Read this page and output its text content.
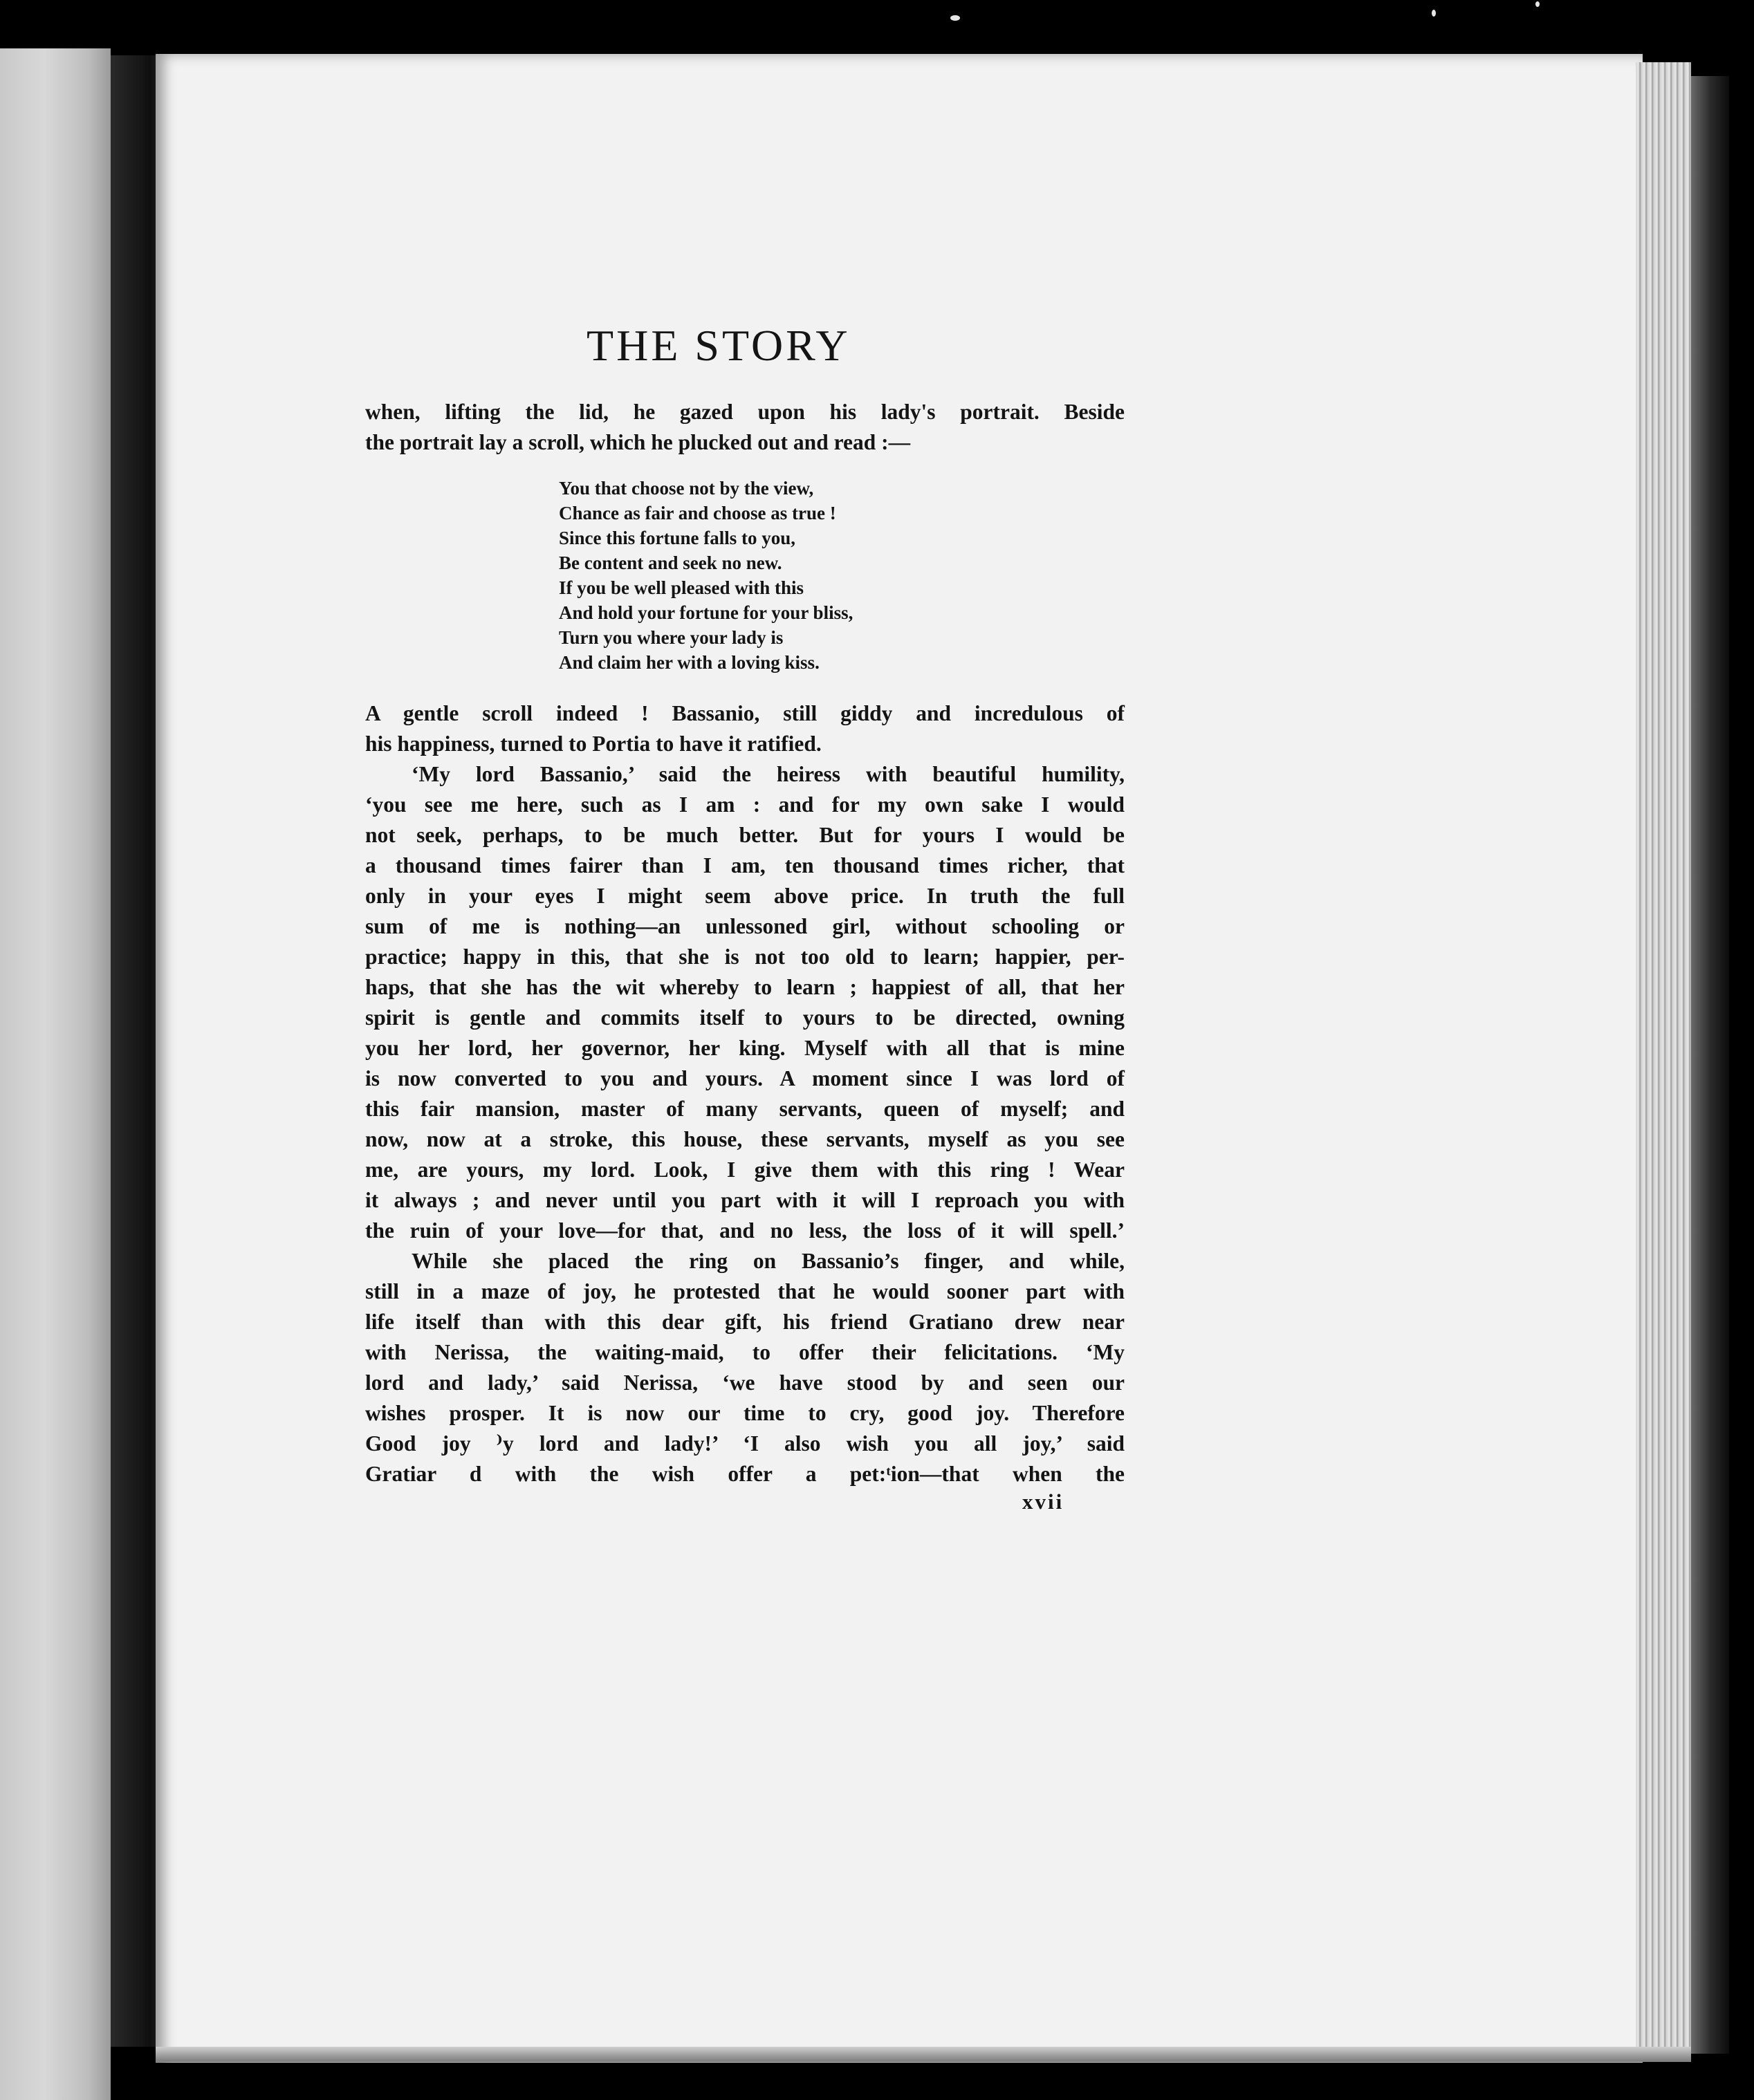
THE STORY
when, lifting the lid, he gazed upon his lady's portrait. Beside
the portrait lay a scroll, which he plucked out and read :—
You that choose not by the view,
Chance as fair and choose as true !
Since this fortune falls to you,
Be content and seek no new.
If you be well pleased with this
And hold your fortune for your bliss,
Turn you where your lady is
And claim her with a loving kiss.
A gentle scroll indeed ! Bassanio, still giddy and incredulous of
his happiness, turned to Portia to have it ratified.
‘My lord Bassanio,’ said the heiress with beautiful humility,
‘you see me here, such as I am : and for my own sake I would
not seek, perhaps, to be much better. But for yours I would be
a thousand times fairer than I am, ten thousand times richer, that
only in your eyes I might seem above price. In truth the full
sum of me is nothing—an unlessoned girl, without schooling or
practice; happy in this, that she is not too old to learn; happier, per-
haps, that she has the wit whereby to learn ; happiest of all, that her
spirit is gentle and commits itself to yours to be directed, owning
you her lord, her governor, her king. Myself with all that is mine
is now converted to you and yours. A moment since I was lord of
this fair mansion, master of many servants, queen of myself; and
now, now at a stroke, this house, these servants, myself as you see
me, are yours, my lord. Look, I give them with this ring ! Wear
it always ; and never until you part with it will I reproach you with
the ruin of your love—for that, and no less, the loss of it will spell.’
While she placed the ring on Bassanio’s finger, and while,
still in a maze of joy, he protested that he would sooner part with
life itself than with this dear gift, his friend Gratiano drew near
with Nerissa, the waiting-maid, to offer their felicitations. ‘My
lord and lady,’ said Nerissa, ‘we have stood by and seen our
wishes prosper. It is now our time to cry, good joy. Therefore
Good joy ⁾y lord and lady!’ ‘I also wish you all joy,’ said
Gratiar d with the wish offer a pet:ᵗion—that when the
xvii
